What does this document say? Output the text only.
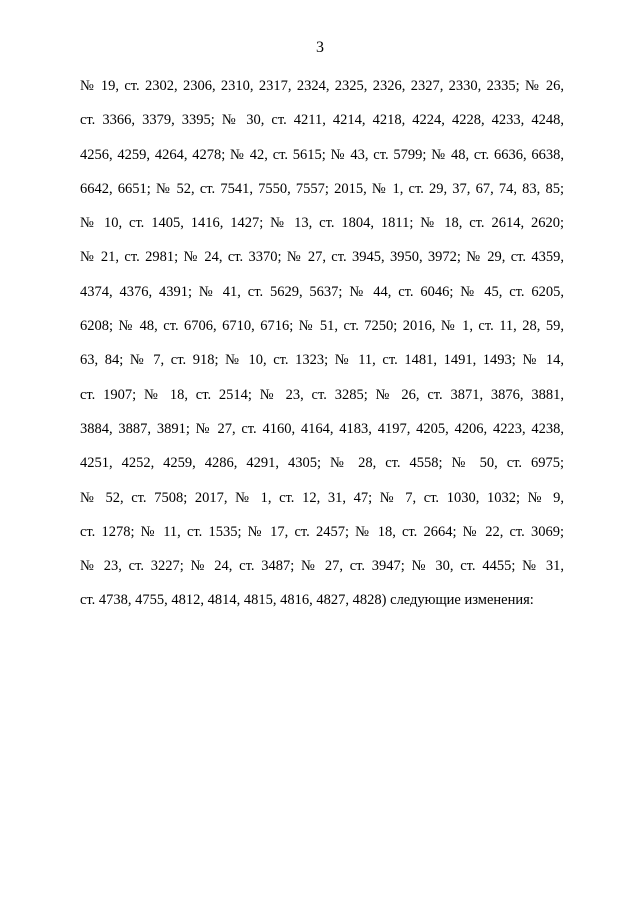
3
№ 19, ст. 2302, 2306, 2310, 2317, 2324, 2325, 2326, 2327, 2330, 2335; № 26,
ст. 3366, 3379, 3395; № 30, ст. 4211, 4214, 4218, 4224, 4228, 4233, 4248,
4256, 4259, 4264, 4278; № 42, ст. 5615; № 43, ст. 5799; № 48, ст. 6636, 6638,
6642, 6651; № 52, ст. 7541, 7550, 7557; 2015, № 1, ст. 29, 37, 67, 74, 83, 85;
№ 10, ст. 1405, 1416, 1427; № 13, ст. 1804, 1811; № 18, ст. 2614, 2620;
№ 21, ст. 2981; № 24, ст. 3370; № 27, ст. 3945, 3950, 3972; № 29, ст. 4359,
4374, 4376, 4391; № 41, ст. 5629, 5637; № 44, ст. 6046; № 45, ст. 6205,
6208; № 48, ст. 6706, 6710, 6716; № 51, ст. 7250; 2016, № 1, ст. 11, 28, 59,
63, 84; № 7, ст. 918; № 10, ст. 1323; № 11, ст. 1481, 1491, 1493; № 14,
ст. 1907; № 18, ст. 2514; № 23, ст. 3285; № 26, ст. 3871, 3876, 3881,
3884, 3887, 3891; № 27, ст. 4160, 4164, 4183, 4197, 4205, 4206, 4223, 4238,
4251, 4252, 4259, 4286, 4291, 4305; № 28, ст. 4558; № 50, ст. 6975;
№ 52, ст. 7508; 2017, № 1, ст. 12, 31, 47; № 7, ст. 1030, 1032; № 9,
ст. 1278; № 11, ст. 1535; № 17, ст. 2457; № 18, ст. 2664; № 22, ст. 3069;
№ 23, ст. 3227; № 24, ст. 3487; № 27, ст. 3947; № 30, ст. 4455; № 31,
ст. 4738, 4755, 4812, 4814, 4815, 4816, 4827, 4828) следующие изменения:
